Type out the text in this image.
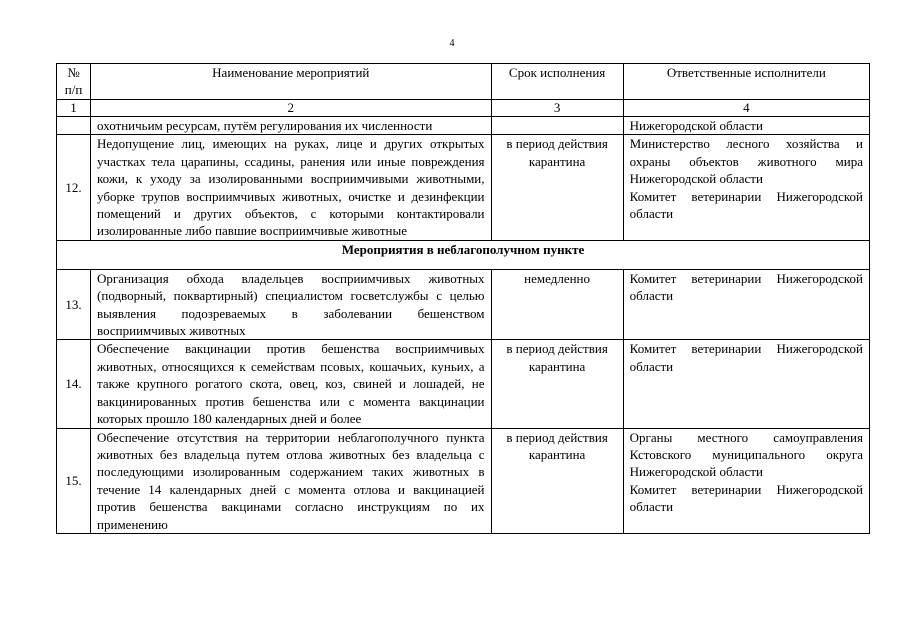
4
№ п/п	Наименование мероприятий	Срок исполнения	Ответственные исполнители
1	2	3	4
	охотничьим ресурсам, путём регулирования их численности		Нижегородской области
12.	Недопущение лиц, имеющих на руках, лице и других открытых участках тела царапины, ссадины, ранения или иные повреждения кожи, к уходу за изолированными восприимчивыми животными, уборке трупов восприимчивых животных, очистке и дезинфекции помещений и других объектов, с которыми контактировали изолированные либо павшие восприимчивые животные	в период действия карантина	Министерство лесного хозяйства и охраны объектов животного мира Нижегородской области
Комитет ветеринарии Нижегородской области

Мероприятия в неблагополучном пункте			
13.	Организация обхода владельцев восприимчивых животных (подворный, поквартирный) специалистом госветслужбы с целью выявления подозреваемых в заболевании бешенством восприимчивых животных	немедленно	Комитет ветеринарии Нижегородской области

14.	Обеспечение вакцинации против бешенства восприимчивых животных, относящихся к семействам псовых, кошачьих, куньих, а также крупного рогатого скота, овец, коз, свиней и лошадей, не вакцинированных против бешенства или с момента вакцинации которых прошло 180 календарных дней и более	в период действия карантина	Комитет ветеринарии Нижегородской области

15.	Обеспечение отсутствия на территории неблагополучного пункта животных без владельца путем отлова животных без владельца с последующими изолированным содержанием таких животных в течение 14 календарных дней с момента отлова и вакцинацией против бешенства вакцинами согласно инструкциям по их применению	в период действия карантина	Органы местного самоуправления Кстовского муниципального округа Нижегородской области
Комитет ветеринарии Нижегородской области
